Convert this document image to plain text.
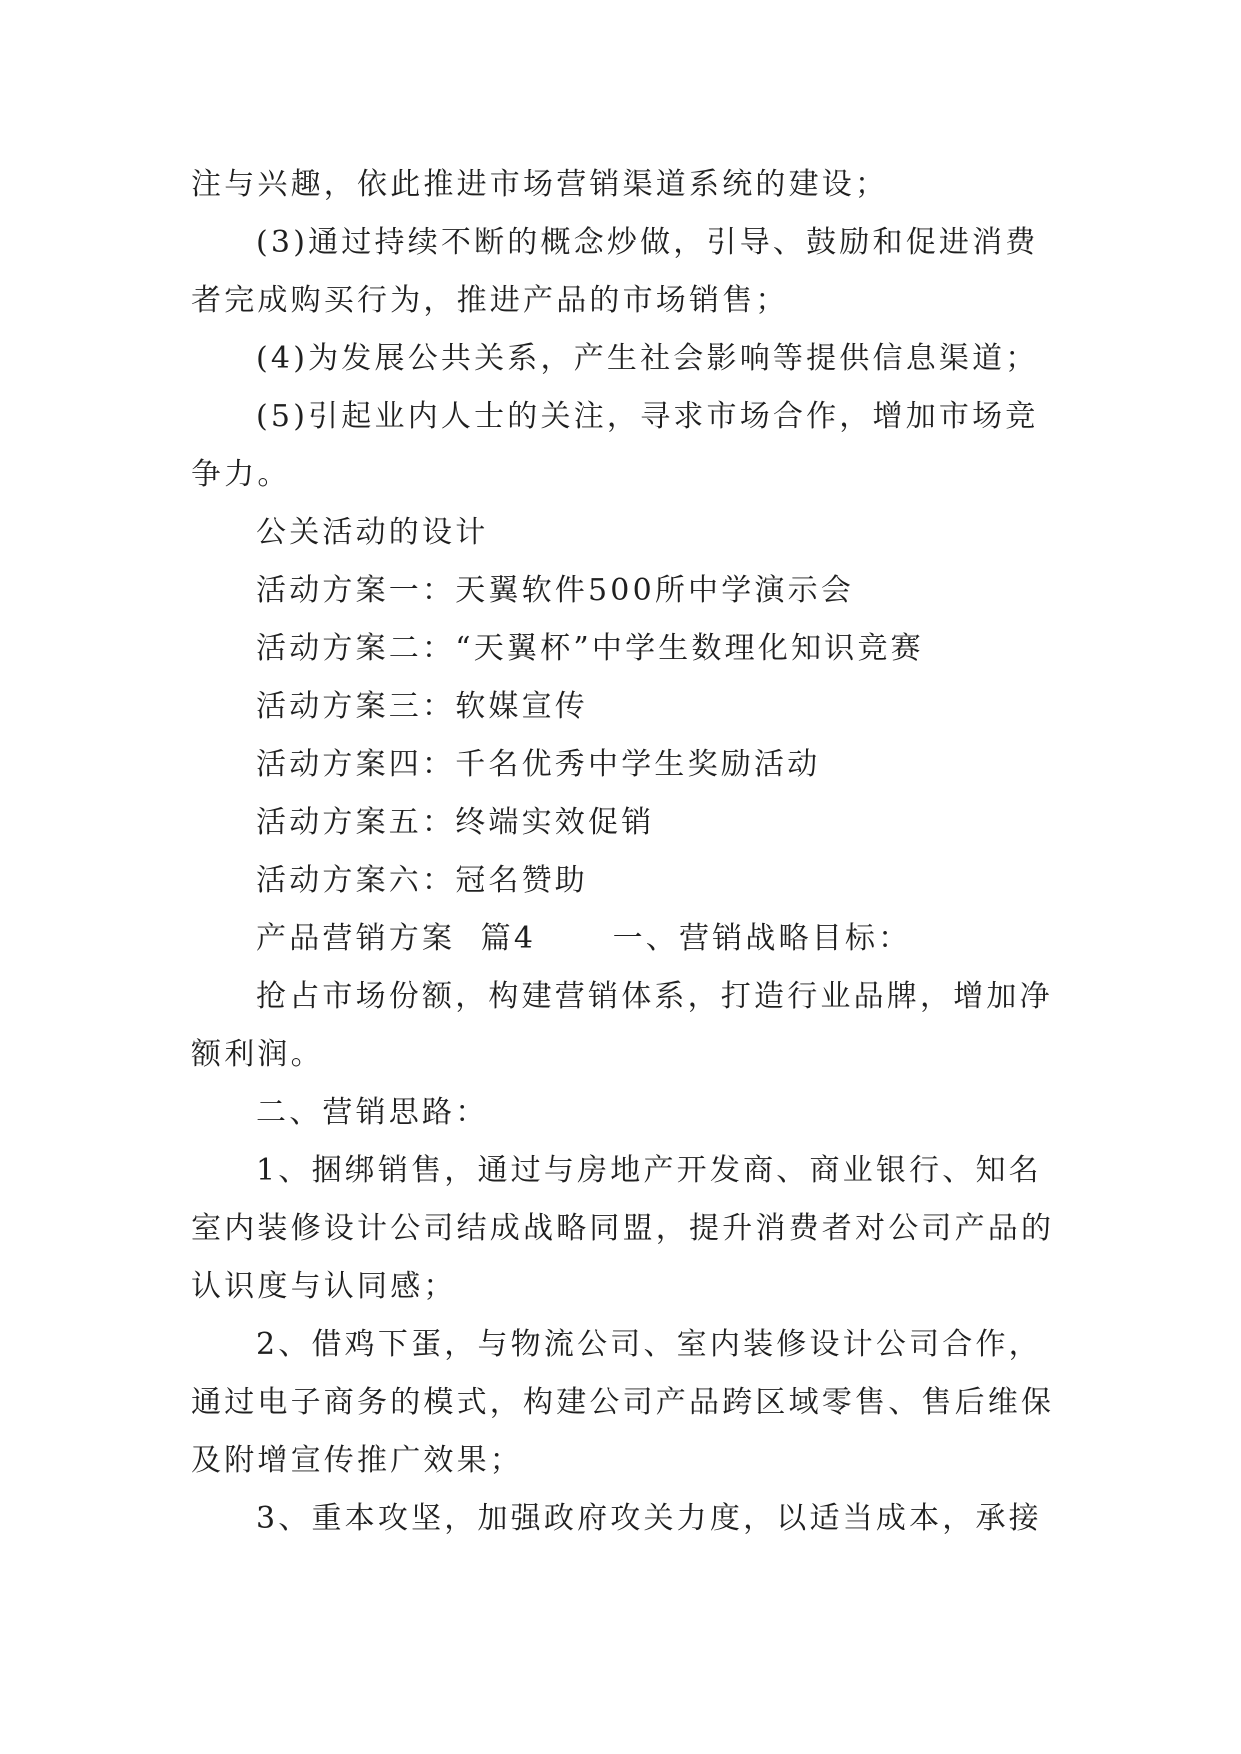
注与兴趣，依此推进市场营销渠道系统的建设；
(3)通过持续不断的概念炒做，引导、鼓励和促进消费
者完成购买行为，推进产品的市场销售；
(4)为发展公共关系，产生社会影响等提供信息渠道；
(5)引起业内人士的关注，寻求市场合作，增加市场竞
争力。
公关活动的设计
活动方案一：天翼软件500所中学演示会
活动方案二：“天翼杯”中学生数理化知识竞赛
活动方案三：软媒宣传
活动方案四：千名优秀中学生奖励活动
活动方案五：终端实效促销
活动方案六：冠名赞助
产品营销方案  篇4      一、营销战略目标：
抢占市场份额，构建营销体系，打造行业品牌，增加净
额利润。
二、营销思路：
1、捆绑销售，通过与房地产开发商、商业银行、知名
室内装修设计公司结成战略同盟，提升消费者对公司产品的
认识度与认同感；
2、借鸡下蛋，与物流公司、室内装修设计公司合作，
通过电子商务的模式，构建公司产品跨区域零售、售后维保
及附增宣传推广效果；
3、重本攻坚，加强政府攻关力度，以适当成本，承接
